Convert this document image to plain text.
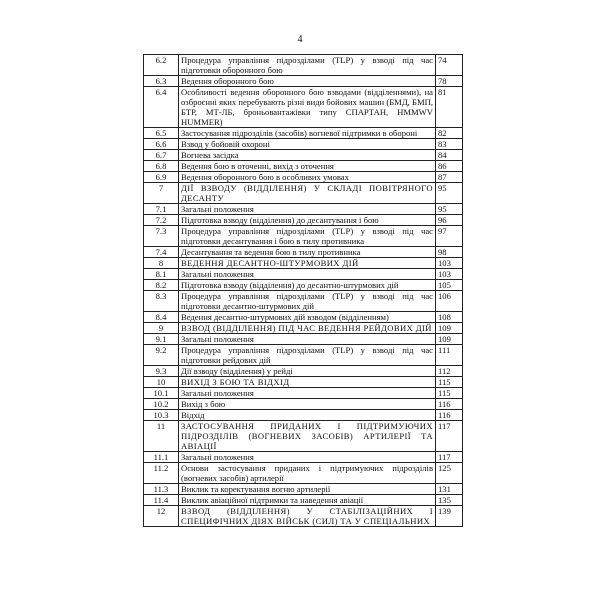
4
6.2	Процедура управління підрозділами (TLP) у взводі під час підготовки оборонного бою	74
6.3	Ведення оборонного бою	78
6.4	Особливості ведення оборонного бою взводами (відділеннями), на озброєнні яких перебувають різні види бойових машин (БМД, БМП, БТР, МТ-ЛБ, броньовантажівки типу СПАРТАН, HMMWV HUMMER)	81
6.5	Застосування підрозділів (засобів) вогневої підтримки в обороні	82
6.6	Взвод у бойовій охороні	83
6.7	Вогнева засідка	84
6.8	Ведення бою в оточенні, вихід з оточення	86
6.9	Ведення оборонного бою в особливих умовах	87
7	ДІЇ ВЗВОДУ (ВІДДІЛЕННЯ) У СКЛАДІ ПОВІТРЯНОГО ДЕСАНТУ	95
7.1	Загальні положення	95
7.2	Підготовка взводу (відділення) до десантування і бою	96
7.3	Процедура управління підрозділами (TLP) у взводі під час підготовки десантування і бою в тилу противника	97
7.4	Десантування та ведення бою в тилу противника	98
8	ВЕДЕННЯ ДЕСАНТНО-ШТУРМОВИХ ДІЙ	103
8.1	Загальні положення	103
8.2	Підготовка взводу (відділення) до десантно-штурмових дій	105
8.3	Процедура управління підрозділами (TLP) у взводі під час підготовки десантно-штурмових дій	106
8.4	Ведення десантно-штурмових дій взводом (відділенням)	108
9	ВЗВОД (ВІДДІЛЕННЯ) ПІД ЧАС ВЕДЕННЯ РЕЙДОВИХ ДІЙ	109
9.1	Загальні положення	109
9.2	Процедура управління підрозділами (TLP) у взводі під час підготовки рейдових дій	111
9.3	Дії взводу (відділення) у рейді	112
10	ВИХІД З БОЮ ТА ВІДХІД	115
10.1	Загальні положення	115
10.2	Вихід з бою	116
10.3	Відхід	116
11	ЗАСТОСУВАННЯ ПРИДАНИХ І ПІДТРИМУЮЧИХ ПІДРОЗДІЛІВ (ВОГНЕВИХ ЗАСОБІВ) АРТИЛЕРІЇ ТА АВІАЦІЇ	117
11.1	Загальні положення	117
11.2	Основи застосування приданих і підтримуючих підрозділів (вогневих засобів) артилерії	125
11.3	Виклик та коректування вогню артилерії	131
11.4	Виклик авіаційної підтримки та наведення авіації	135
12	ВЗВОД (ВІДДІЛЕННЯ) У СТАБІЛІЗАЦІЙНИХ І СПЕЦИФІЧНИХ ДІЯХ ВІЙСЬК (СИЛ) ТА У СПЕЦІАЛЬНИХ	139
